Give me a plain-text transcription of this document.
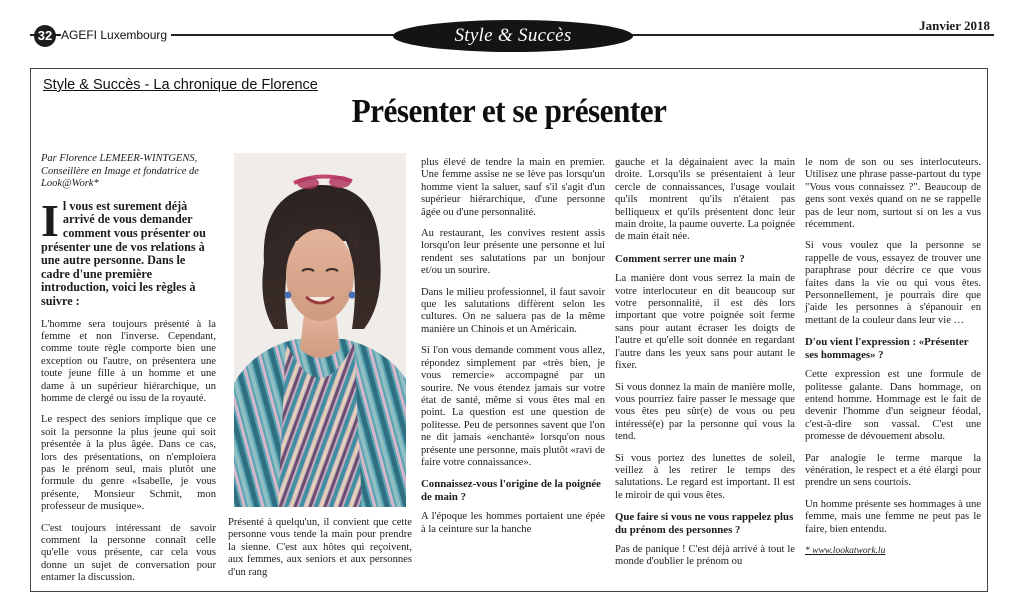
32 AGEFI Luxembourg	Style & Succès	Janvier 2018
Style & Succès - La chronique de Florence
Présenter et se présenter

Par Florence LEMEER-WINTGENS, Conseillère en Image et fondatrice de Look@Work*

Il vous est surement déjà arrivé de vous demander comment vous présenter ou présenter une de vos relations à une autre personne. Dans le cadre d'une première introduction, voici les règles à suivre :

L'homme sera toujours présenté à la femme et non l'inverse. Cependant, comme toute règle comporte bien une exception ou l'autre, on présentera une toute jeune fille à un homme et une dame à un supérieur hiérarchique, un homme de clergé ou issu de la royauté.

Le respect des seniors implique que ce soit la personne la plus jeune qui soit présentée à la plus âgée. Dans ce cas, lors des présentations, on n'emploiera pas le prénom seul, mais plutôt une formule du genre «Isabelle, je vous présente, Monsieur Schmit, mon professeur de musique».

C'est toujours intéressant de savoir comment la personne connaît celle qu'elle vous présente, car cela vous donne un sujet de conversation pour entamer la discussion.

Présenté à quelqu'un, il convient que cette personne vous tende la main pour prendre la sienne. C'est aux hôtes qui reçoivent, aux femmes, aux seniors et aux personnes d'un rang

plus élevé de tendre la main en premier. Une femme assise ne se lève pas lorsqu'un homme vient la saluer, sauf s'il s'agit d'un supérieur hiérarchique, d'une personne âgée ou d'une personnalité.

Au restaurant, les convives restent assis lorsqu'on leur présente une personne et lui rendent ses salutations par un bonjour et/ou un sourire.

Dans le milieu professionnel, il faut savoir que les salutations diffèrent selon les cultures. On ne saluera pas de la même manière un Chinois et un Américain.

Si l'on vous demande comment vous allez, répondez simplement par «très bien, je vous remercie» accompagné par un sourire. Ne vous étendez jamais sur votre état de santé, même si vous êtes mal en point. La question est une question de politesse. Peu de personnes savent que l'on ne dit jamais «enchanté» lorsqu'on nous présente une personne, mais plutôt «ravi de faire votre connaissance».

Connaissez-vous l'origine de la poignée de main ?

A l'époque les hommes portaient une épée à la ceinture sur la hanche

gauche et la dégainaient avec la main droite. Lorsqu'ils se présentaient à leur cercle de connaissances, l'usage voulait qu'ils montrent qu'ils n'étaient pas belliqueux et qu'ils présentent donc leur main droite, la paume ouverte. La poignée de main était née.

Comment serrer une main ?

La manière dont vous serrez la main de votre interlocuteur en dit beaucoup sur votre personnalité, il est dès lors important que votre poignée soit ferme sans pour autant écraser les doigts de l'autre et qu'elle soit donnée en regardant l'autre dans les yeux sans pour autant le fixer.

Si vous donnez la main de manière molle, vous pourriez faire passer le message que vous êtes peu sûr(e) de vous ou peu intéressé(e) par la personne qui vous la tend.

Si vous portez des lunettes de soleil, veillez à les retirer le temps des salutations. Le regard est important. Il est le miroir de qui vous êtes.

Que faire si vous ne vous rappelez plus du prénom des personnes ?

Pas de panique ! C'est déjà arrivé à tout le monde d'oublier le prénom ou

le nom de son ou ses interlocuteurs. Utilisez une phrase passe-partout du type "Vous vous connaissez ?". Beaucoup de gens sont vexés quand on ne se rappelle pas de leur nom, surtout si on les a vus récemment.

Si vous voulez que la personne se rappelle de vous, essayez de trouver une paraphrase pour décrire ce que vous faites dans la vie ou qui vous êtes. Personnellement, je pourrais dire que j'aide les personnes à s'épanouir en mettant de la couleur dans leur vie …

D'ou vient l'expression : «Présenter ses hommages» ?

Cette expression est une formule de politesse galante. Dans hommage, on entend homme. Hommage est le fait de devenir l'homme d'un seigneur féodal, c'est-à-dire son vassal. C'est une promesse de dévouement absolu.

Par analogie le terme marque la vénération, le respect et a été élargi pour prendre un sens courtois.

Un homme présente ses hommages à une femme, mais une femme ne peut pas le faire, bien entendu.

* www.lookatwork.lu
